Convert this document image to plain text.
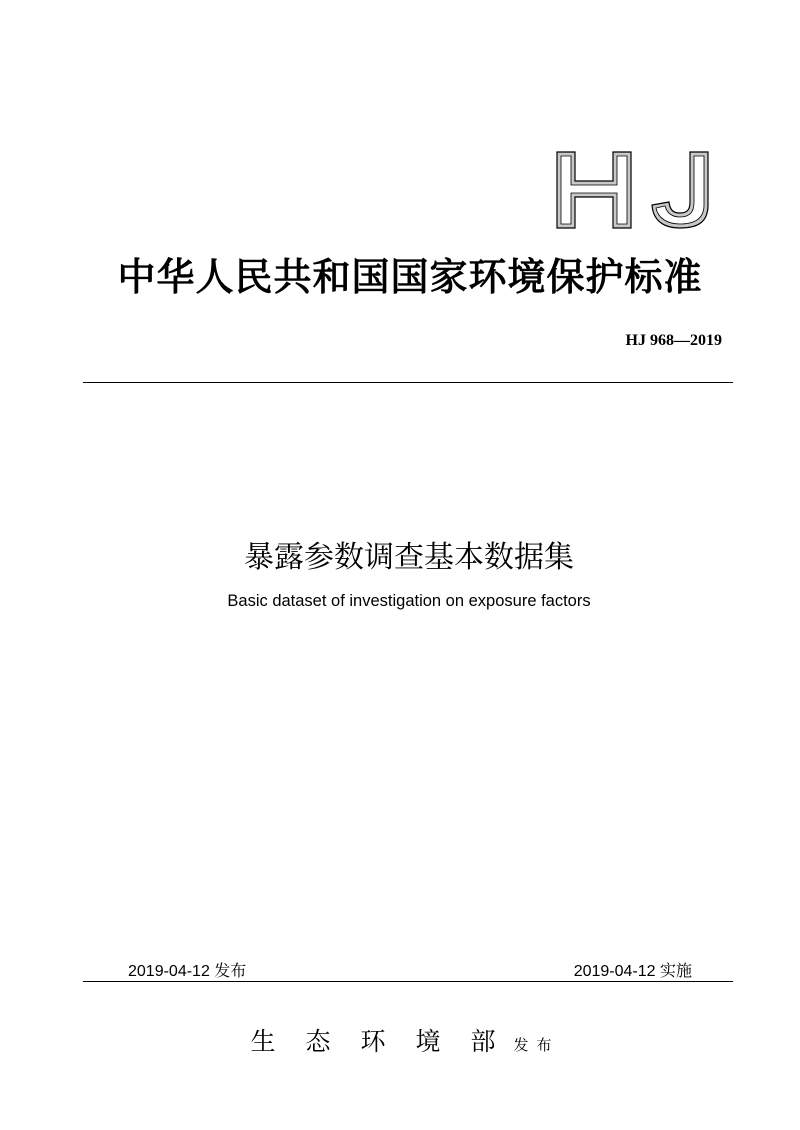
中华人民共和国国家环境保护标准
HJ 968—2019
暴露参数调查基本数据集
Basic dataset of investigation on exposure factors
2019-04-12 发布	2019-04-12 实施
生态环境部发布
